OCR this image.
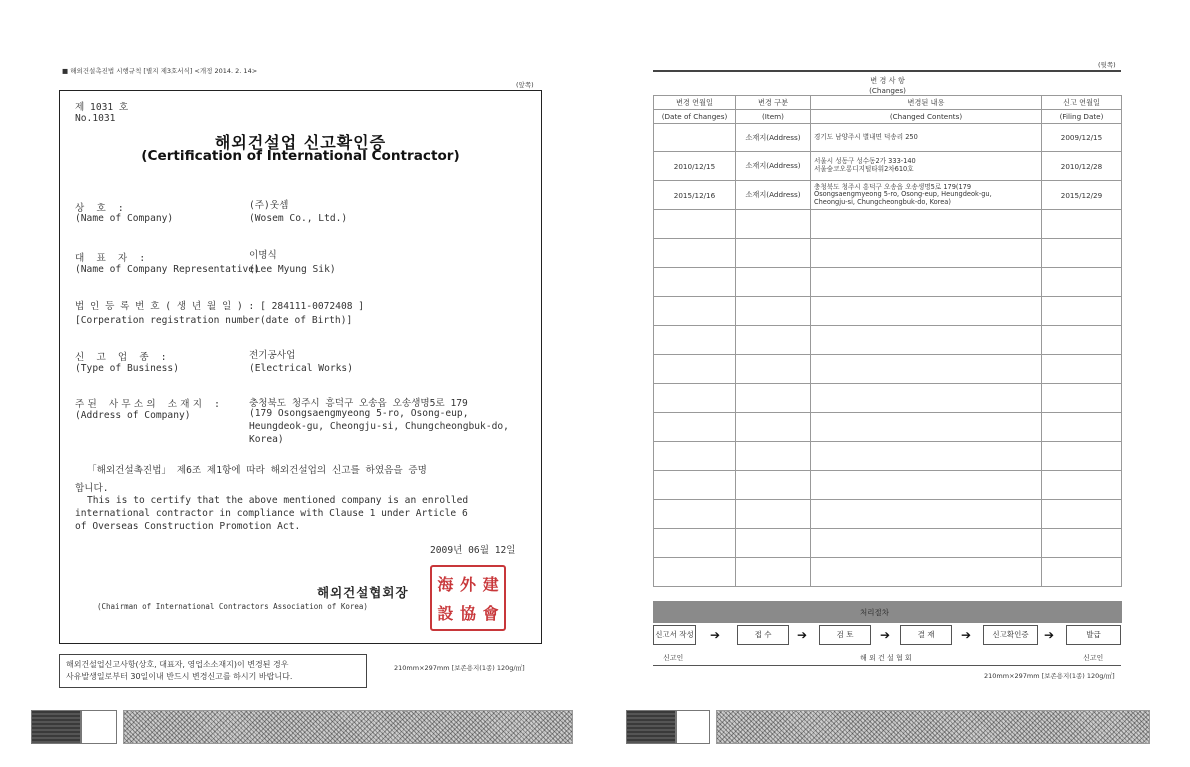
■ 해외건설촉진법 시행규칙 [별지 제3호서식] <개정 2014. 2. 14>
(앞쪽)
제 1031 호
No.1031
해외건설업 신고확인증
(Certification of International Contractor)
상 호 :
(Name of Company)
(주)웃셈
(Wosem Co., Ltd.)
대 표 자 :
(Name of Company Representative)
이명식
(Lee Myung Sik)
법 인 등 록 번 호 ( 생 년 월 일 ) : [ 284111-0072408 ]
[Corperation registration number(date of Birth)]
신 고 업 종 :
(Type of Business)
전기공사업
(Electrical Works)
주된 사무소의 소재지 :
(Address of Company)
충청북도 청주시 흥덕구 오송읍 오송생명5로 179
(179 Osongsaengmyeong 5-ro, Osong-eup,
Heungdeok-gu, Cheongju-si, Chungcheongbuk-do,
Korea)
「해외건설촉진법」 제6조 제1항에 따라 해외건설업의 신고를 하였음을 증명
합니다.
This is to certify that the above mentioned company is an enrolled
international contractor in compliance with Clause 1 under Article 6
of Overseas Construction Promotion Act.
2009년 06월 12일
해외건설협회장
(Chairman of International Contractors Association of Korea)
海 外 建
設 協 會
해외건설업신고사항(상호, 대표자, 영업소소재지)이 변경된 경우
사유발생일로부터 30일이내 반드시 변경신고를 하시기 바랍니다.
210mm×297mm [보존용지(1종) 120g/㎡]
(뒷쪽)
변 경 사 항			
(Changes)			
변경 연월일	변경 구분	변경된 내용	신고 연월일
(Date of Changes)	(Item)	(Changed Contents)	(Filing Date)
	소재지(Address)	경기도 남양주시 별내면 덕송리 250	2009/12/15
2010/12/15	소재지(Address)	서울시 성동구 성수동2가 333-140
서울숲코오롱디지털타워2차610호	2010/12/28
2015/12/16	소재지(Address)	충청북도 청주시 흥덕구 오송읍 오송생명5로 179(179
Osongsaengmyeong 5-ro, Osong-eup, Heungdeok-gu,
Cheongju-si, Chungcheongbuk-do, Korea)	2015/12/29

처리절차
신고서 작성 ➔	접 수	➔	검 토	➔	결 재	➔	신고확인증	➔	발급
신고인	해 외 건 설 협 회	신고인
210mm×297mm [보존용지(1종) 120g/㎡]
